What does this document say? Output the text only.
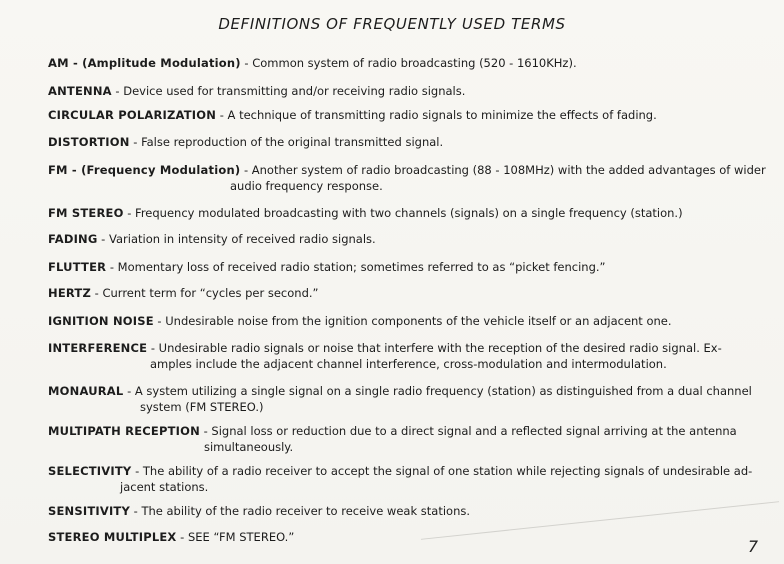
DEFINITIONS OF FREQUENTLY USED TERMS
AM - (Amplitude Modulation) - Common system of radio broadcasting (520 - 1610KHz).
ANTENNA - Device used for transmitting and/or receiving radio signals.
CIRCULAR POLARIZATION - A technique of transmitting radio signals to minimize the effects of fading.
DISTORTION - False reproduction of the original transmitted signal.
FM - (Frequency Modulation) - Another system of radio broadcasting (88 - 108MHz) with the added advantages of wider
audio frequency response.
FM STEREO - Frequency modulated broadcasting with two channels (signals) on a single frequency (station.)
FADING - Variation in intensity of received radio signals.
FLUTTER - Momentary loss of received radio station; sometimes referred to as “picket fencing.”
HERTZ - Current term for “cycles per second.”
IGNITION NOISE - Undesirable noise from the ignition components of the vehicle itself or an adjacent one.
INTERFERENCE - Undesirable radio signals or noise that interfere with the reception of the desired radio signal. Ex-
amples include the adjacent channel interference, cross-modulation and intermodulation.
MONAURAL - A system utilizing a single signal on a single radio frequency (station) as distinguished from a dual channel
system (FM STEREO.)
MULTIPATH RECEPTION - Signal loss or reduction due to a direct signal and a reflected signal arriving at the antenna
simultaneously.
SELECTIVITY - The ability of a radio receiver to accept the signal of one station while rejecting signals of undesirable ad-
jacent stations.
SENSITIVITY - The ability of the radio receiver to receive weak stations.
STEREO MULTIPLEX - SEE “FM STEREO.”	7
